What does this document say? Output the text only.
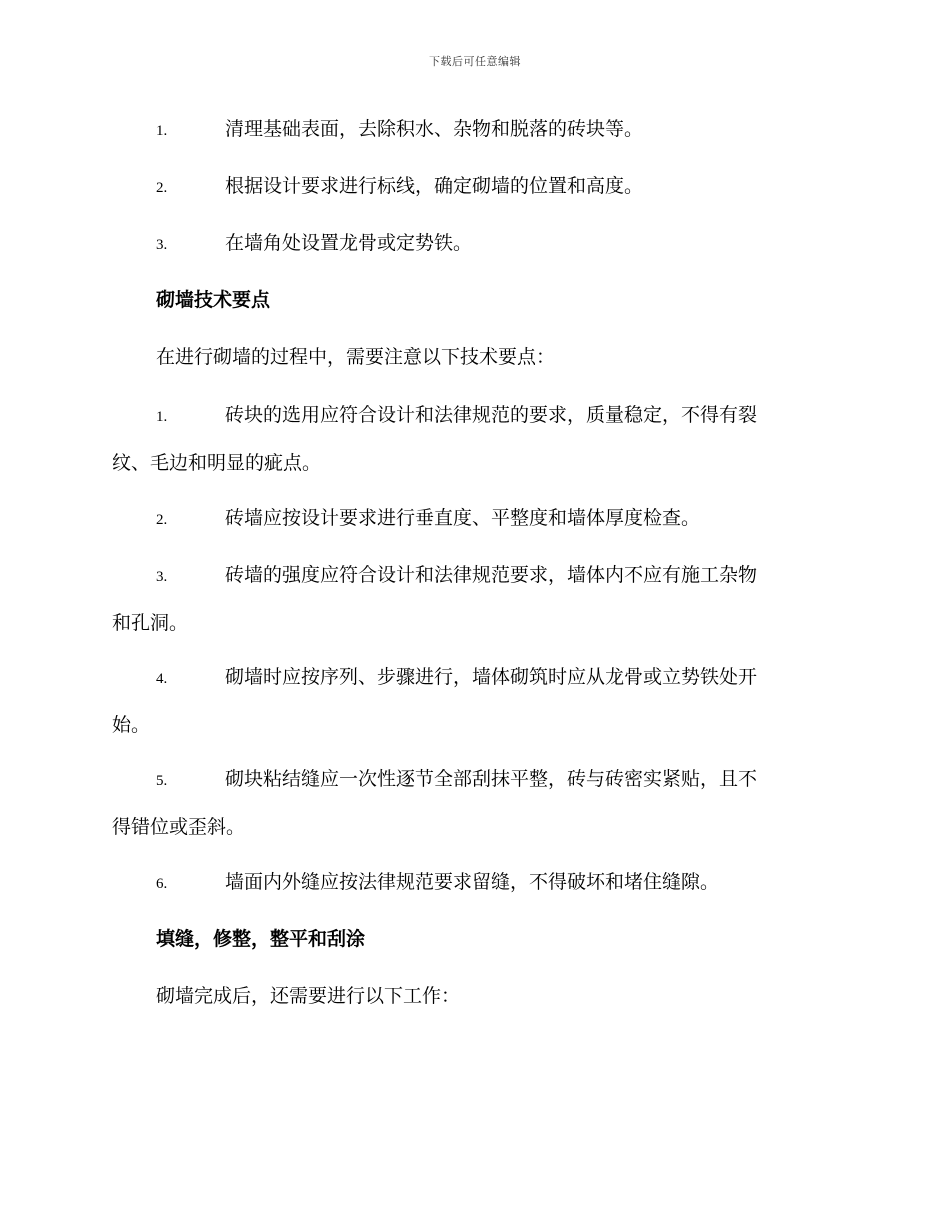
下载后可任意编辑
1.	清理基础表面，去除积水、杂物和脱落的砖块等。
2.	根据设计要求进行标线，确定砌墙的位置和高度。
3.	在墙角处设置龙骨或定势铁。
砌墙技术要点
在进行砌墙的过程中，需要注意以下技术要点：
1.	砖块的选用应符合设计和法律规范的要求，质量稳定，不得有裂
纹、毛边和明显的疵点。
2.	砖墙应按设计要求进行垂直度、平整度和墙体厚度检查。
3.	砖墙的强度应符合设计和法律规范要求，墙体内不应有施工杂物
和孔洞。
4.	砌墙时应按序列、步骤进行，墙体砌筑时应从龙骨或立势铁处开
始。
5.	砌块粘结缝应一次性逐节全部刮抹平整，砖与砖密实紧贴，且不
得错位或歪斜。
6.	墙面内外缝应按法律规范要求留缝，不得破坏和堵住缝隙。
填缝，修整，整平和刮涂
砌墙完成后，还需要进行以下工作：
